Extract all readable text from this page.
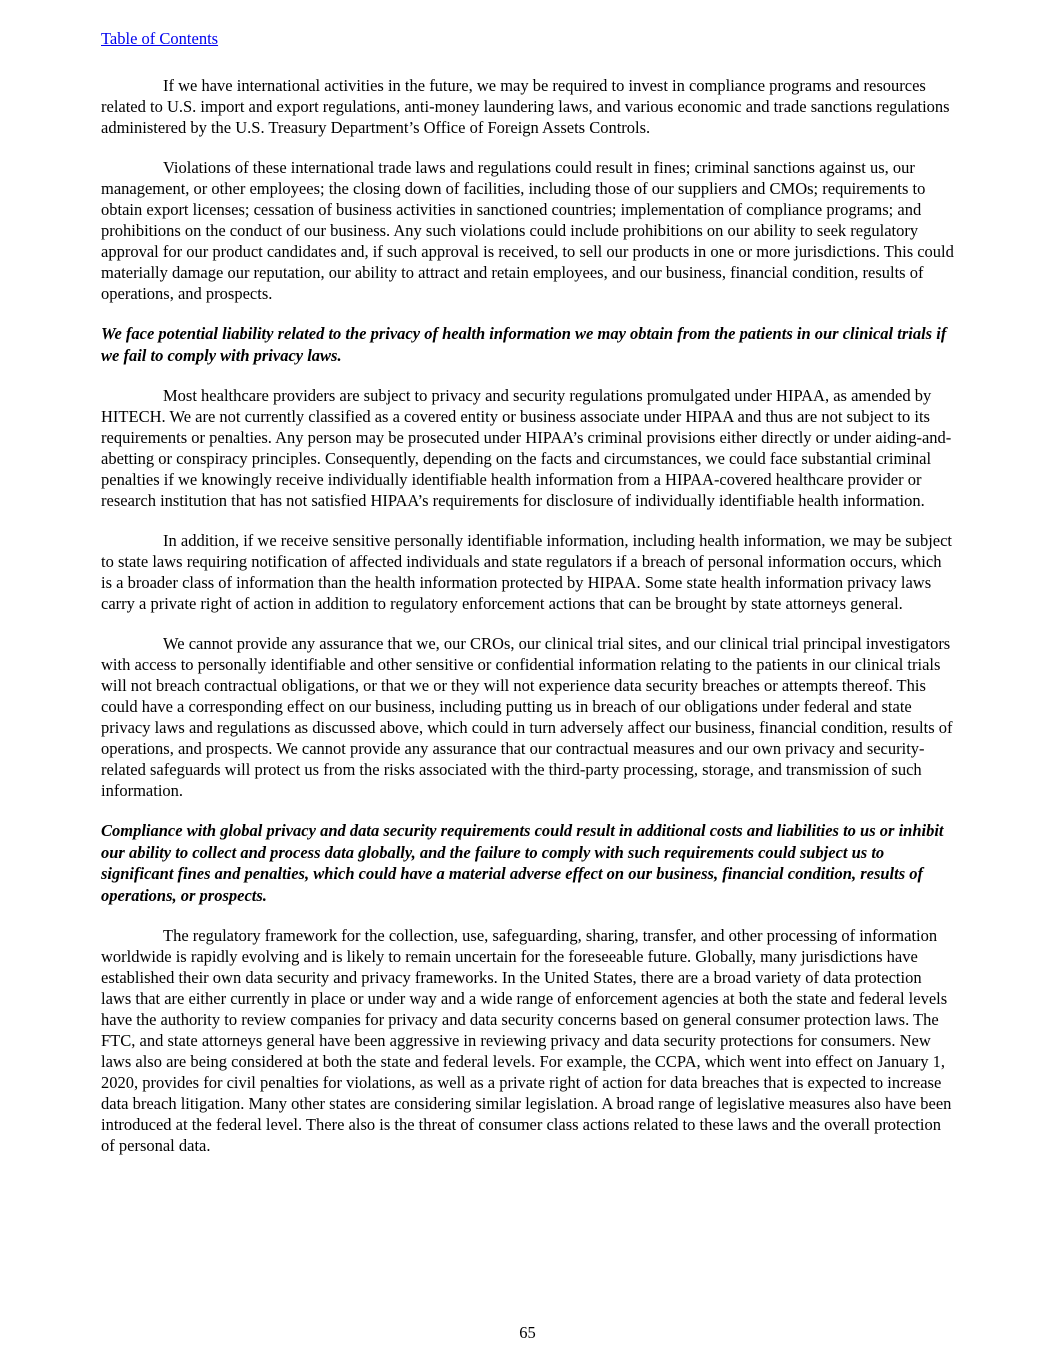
Table of Contents

If we have international activities in the future, we may be required to invest in compliance programs and resources related to U.S. import and export regulations, anti-money laundering laws, and various economic and trade sanctions regulations administered by the U.S. Treasury Department’s Office of Foreign Assets Controls.

Violations of these international trade laws and regulations could result in fines; criminal sanctions against us, our management, or other employees; the closing down of facilities, including those of our suppliers and CMOs; requirements to obtain export licenses; cessation of business activities in sanctioned countries; implementation of compliance programs; and prohibitions on the conduct of our business. Any such violations could include prohibitions on our ability to seek regulatory approval for our product candidates and, if such approval is received, to sell our products in one or more jurisdictions. This could materially damage our reputation, our ability to attract and retain employees, and our business, financial condition, results of operations, and prospects.

We face potential liability related to the privacy of health information we may obtain from the patients in our clinical trials if we fail to comply with privacy laws.

Most healthcare providers are subject to privacy and security regulations promulgated under HIPAA, as amended by HITECH. We are not currently classified as a covered entity or business associate under HIPAA and thus are not subject to its requirements or penalties. Any person may be prosecuted under HIPAA’s criminal provisions either directly or under aiding-and-abetting or conspiracy principles. Consequently, depending on the facts and circumstances, we could face substantial criminal penalties if we knowingly receive individually identifiable health information from a HIPAA-covered healthcare provider or research institution that has not satisfied HIPAA’s requirements for disclosure of individually identifiable health information.

In addition, if we receive sensitive personally identifiable information, including health information, we may be subject to state laws requiring notification of affected individuals and state regulators if a breach of personal information occurs, which is a broader class of information than the health information protected by HIPAA. Some state health information privacy laws carry a private right of action in addition to regulatory enforcement actions that can be brought by state attorneys general.

We cannot provide any assurance that we, our CROs, our clinical trial sites, and our clinical trial principal investigators with access to personally identifiable and other sensitive or confidential information relating to the patients in our clinical trials will not breach contractual obligations, or that we or they will not experience data security breaches or attempts thereof. This could have a corresponding effect on our business, including putting us in breach of our obligations under federal and state privacy laws and regulations as discussed above, which could in turn adversely affect our business, financial condition, results of operations, and prospects. We cannot provide any assurance that our contractual measures and our own privacy and security-related safeguards will protect us from the risks associated with the third-party processing, storage, and transmission of such information.

Compliance with global privacy and data security requirements could result in additional costs and liabilities to us or inhibit our ability to collect and process data globally, and the failure to comply with such requirements could subject us to significant fines and penalties, which could have a material adverse effect on our business, financial condition, results of operations, or prospects.

The regulatory framework for the collection, use, safeguarding, sharing, transfer, and other processing of information worldwide is rapidly evolving and is likely to remain uncertain for the foreseeable future. Globally, many jurisdictions have established their own data security and privacy frameworks. In the United States, there are a broad variety of data protection laws that are either currently in place or under way and a wide range of enforcement agencies at both the state and federal levels have the authority to review companies for privacy and data security concerns based on general consumer protection laws. The FTC, and state attorneys general have been aggressive in reviewing privacy and data security protections for consumers. New laws also are being considered at both the state and federal levels. For example, the CCPA, which went into effect on January 1, 2020, provides for civil penalties for violations, as well as a private right of action for data breaches that is expected to increase data breach litigation. Many other states are considering similar legislation. A broad range of legislative measures also have been introduced at the federal level. There also is the threat of consumer class actions related to these laws and the overall protection of personal data.

65
